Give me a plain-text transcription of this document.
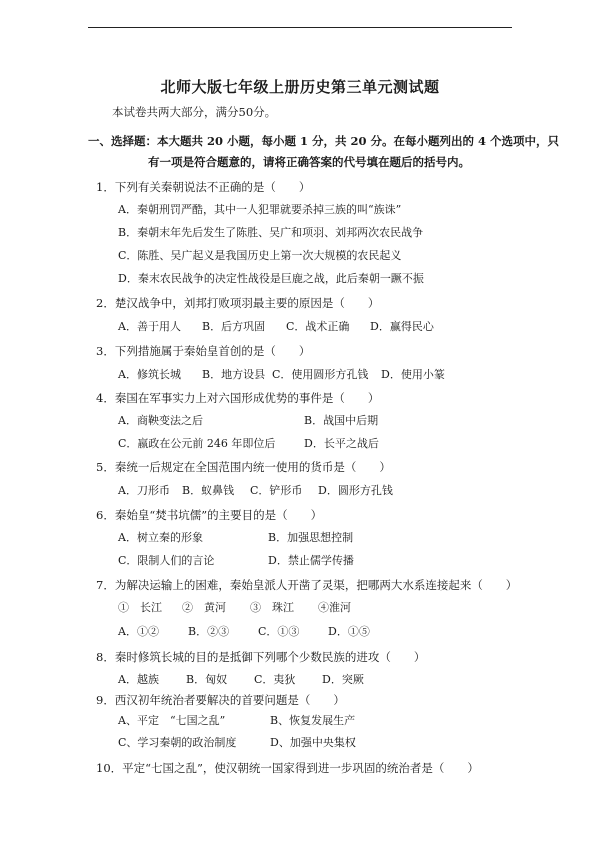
北师大版七年级上册历史第三单元测试题
本试卷共两大部分，满分50分。
一、选择题：本大题共 20 小题，每小题 1 分，共 20 分。在每小题列出的 4 个选项中，只
有一项是符合题意的，请将正确答案的代号填在题后的括号内。
1．下列有关秦朝说法不正确的是（　　）
A．秦朝刑罚严酷，其中一人犯罪就要杀掉三族的叫“族诛”
B．秦朝末年先后发生了陈胜、吴广和项羽、刘邦两次农民战争
C．陈胜、吴广起义是我国历史上第一次大规模的农民起义
D．秦末农民战争的决定性战役是巨鹿之战，此后秦朝一蹶不振
2．楚汉战争中，刘邦打败项羽最主要的原因是（　　）
A．善于用人 B．后方巩固 C．战术正确 D．赢得民心
3．下列措施属于秦始皇首创的是（　　）
A．修筑长城 B．地方设县 C．使用圆形方孔钱 D．使用小篆
4．秦国在军事实力上对六国形成优势的事件是（　　）
A．商鞅变法之后	B．战国中后期
C．嬴政在公元前 246 年即位后	D．长平之战后
5．秦统一后规定在全国范围内统一使用的货币是（　　）
A．刀形币 B．蚁鼻钱 C．铲形币 D．圆形方孔钱
6．秦始皇“焚书坑儒”的主要目的是（　　）
A．树立秦的形象	B．加强思想控制
C．限制人们的言论	D．禁止儒学传播
7．为解决运输上的困难，秦始皇派人开凿了灵渠，把哪两大水系连接起来（　　）
①　长江 ②　黄河 ③　珠江 ④淮河
A．①②	B．②③	C．①③	D．①⑤
8．秦时修筑长城的目的是抵御下列哪个少数民族的进攻（　　）
A．越族 B．匈奴 C．夷狄 D．突厥
9．西汉初年统治者要解决的首要问题是（　　）
A、平定　“七国之乱”	B、恢复发展生产
C、学习秦朝的政治制度	D、加强中央集权
10．平定“七国之乱”，使汉朝统一国家得到进一步巩固的统治者是（　　）
